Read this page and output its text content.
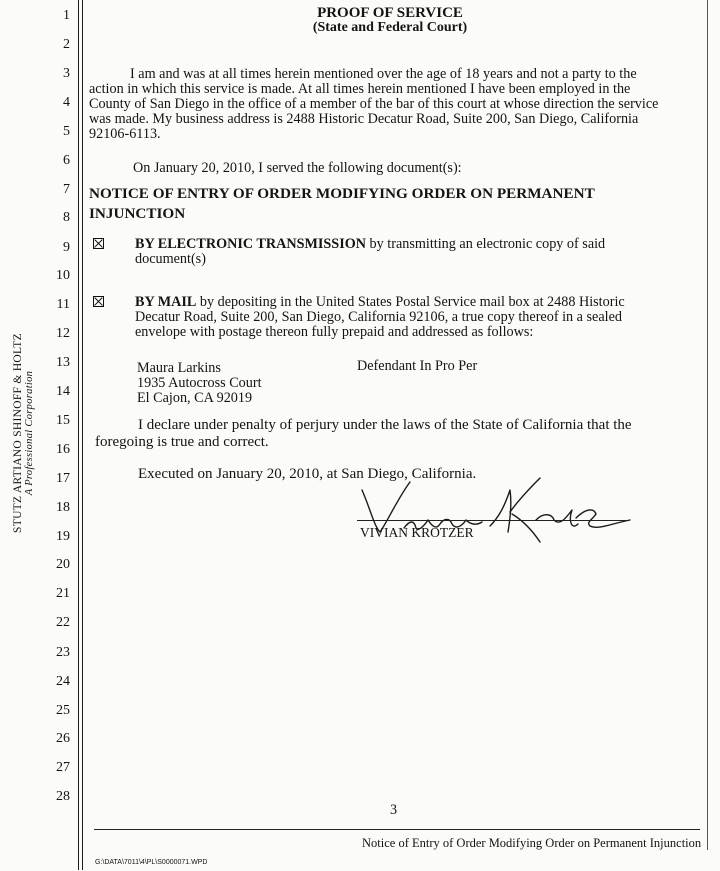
STUTZ ARTIANO SHINOFF & HOLTZ A Professional Corporation
1
2
3
4
5
6
7
8
9
10
11
12
13
14
15
16
17
18
19
20
21
22
23
24
25
26
27
28
PROOF OF SERVICE
(State and Federal Court)
I am and was at all times herein mentioned over the age of 18 years and not a party to the
action in which this service is made. At all times herein mentioned I have been employed in the
County of San Diego in the office of a member of the bar of this court at whose direction the service
was made. My business address is 2488 Historic Decatur Road, Suite 200, San Diego, California
92106-6113.
On January 20, 2010, I served the following document(s):
NOTICE OF ENTRY OF ORDER MODIFYING ORDER ON PERMANENT
INJUNCTION
BY ELECTRONIC TRANSMISSION by transmitting an electronic copy of said
document(s)
BY MAIL by depositing in the United States Postal Service mail box at 2488 Historic
Decatur Road, Suite 200, San Diego, California 92106, a true copy thereof in a sealed
envelope with postage thereon fully prepaid and addressed as follows:
Maura Larkins
1935 Autocross Court
El Cajon, CA 92019
Defendant In Pro Per
I declare under penalty of perjury under the laws of the State of California that the
foregoing is true and correct.
Executed on January 20, 2010, at San Diego, California.
VIVIAN KROTZER
3
Notice of Entry of Order Modifying Order on Permanent Injunction
G:\DATA\7011\4\PL\S0000071.WPD
